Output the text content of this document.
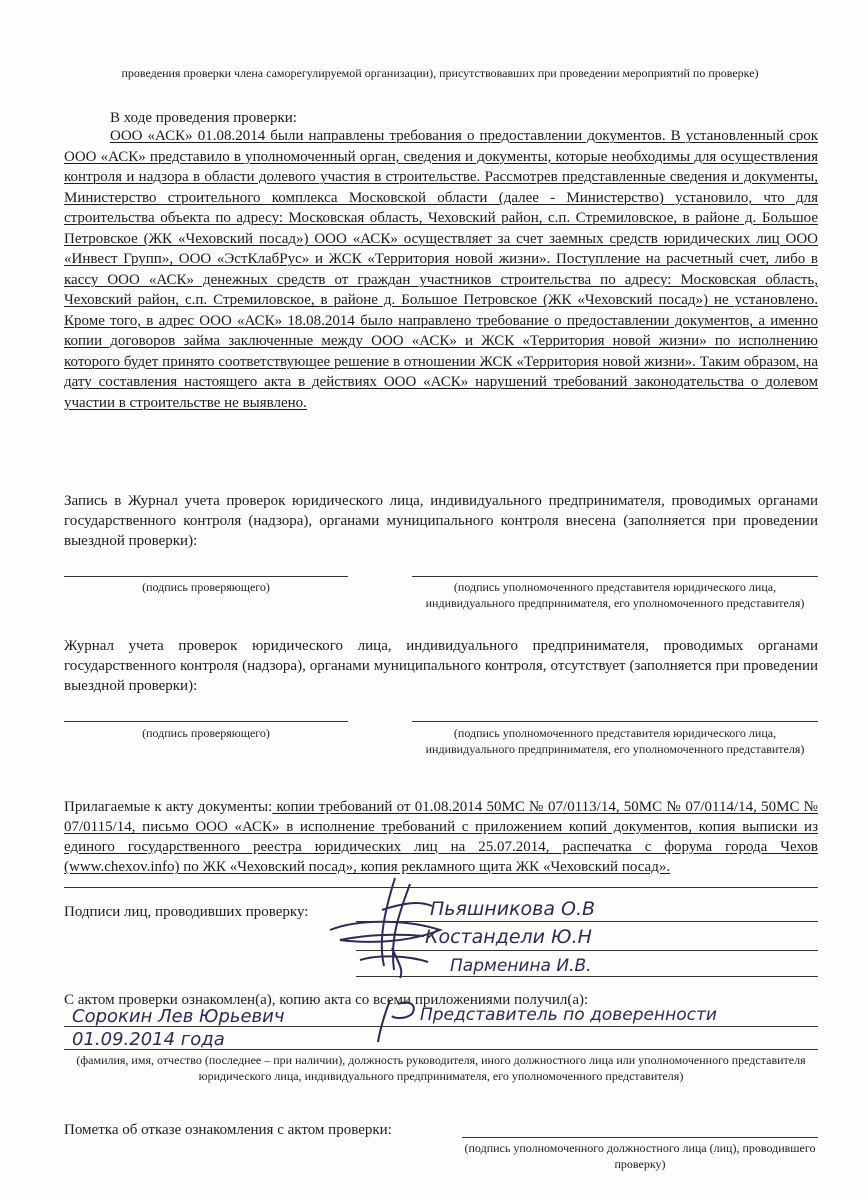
проведения проверки члена саморегулируемой организации), присутствовавших при проведении мероприятий по проверке)
В ходе проведения проверки:
ООО «АСК» 01.08.2014 были направлены требования о предоставлении документов. В установленный срок ООО «АСК» представило в уполномоченный орган, сведения и документы, которые необходимы для осуществления контроля и надзора в области долевого участия в строительстве. Рассмотрев представленные сведения и документы, Министерство строительного комплекса Московской области (далее - Министерство) установило, что для строительства объекта по адресу: Московская область, Чеховский район, с.п. Стремиловское, в районе д. Большое Петровское (ЖК «Чеховский посад») ООО «АСК» осуществляет за счет заемных средств юридических лиц ООО «Инвест Групп», ООО «ЭстКлабРус» и ЖСК «Территория новой жизни». Поступление на расчетный счет, либо в кассу ООО «АСК» денежных средств от граждан участников строительства по адресу: Московская область, Чеховский район, с.п. Стремиловское, в районе д. Большое Петровское (ЖК «Чеховский посад») не установлено. Кроме того, в адрес ООО «АСК» 18.08.2014 было направлено требование о предоставлении документов, а именно копии договоров займа заключенные между ООО «АСК» и ЖСК «Территория новой жизни» по исполнению которого будет принято соответствующее решение в отношении ЖСК «Территория новой жизни». Таким образом, на дату составления настоящего акта в действиях ООО «АСК» нарушений требований законодательства о долевом участии в строительстве не выявлено.
Запись в Журнал учета проверок юридического лица, индивидуального предпринимателя, проводимых органами государственного контроля (надзора), органами муниципального контроля внесена (заполняется при проведении выездной проверки):
(подпись проверяющего)	(подпись уполномоченного представителя юридического лица, индивидуального предпринимателя, его уполномоченного представителя)
Журнал учета проверок юридического лица, индивидуального предпринимателя, проводимых органами государственного контроля (надзора), органами муниципального контроля, отсутствует (заполняется при проведении выездной проверки):
(подпись проверяющего)	(подпись уполномоченного представителя юридического лица, индивидуального предпринимателя, его уполномоченного представителя)
Прилагаемые к акту документы: копии требований от 01.08.2014 50МС № 07/0113/14, 50МС № 07/0114/14, 50МС № 07/0115/14, письмо ООО «АСК» в исполнение требований с приложением копий документов, копия выписки из единого государственного реестра юридических лиц на 25.07.2014, распечатка с форума города Чехов (www.chexov.info) по ЖК «Чеховский посад», копия рекламного щита ЖК «Чеховский посад».
Подписи лиц, проводивших проверку:	Пьяшникова О.В
Костандели Ю.Н
Парменина И.В.
С актом проверки ознакомлен(а), копию акта со всеми приложениями получил(а):
Сорокин Лев Юрьевич	Представитель по доверенности
01.09.2014 года
(фамилия, имя, отчество (последнее – при наличии), должность руководителя, иного должностного лица или уполномоченного представителя юридического лица, индивидуального предпринимателя, его уполномоченного представителя)
Пометка об отказе ознакомления с актом проверки:
(подпись уполномоченного должностного лица (лиц), проводившего проверку)
